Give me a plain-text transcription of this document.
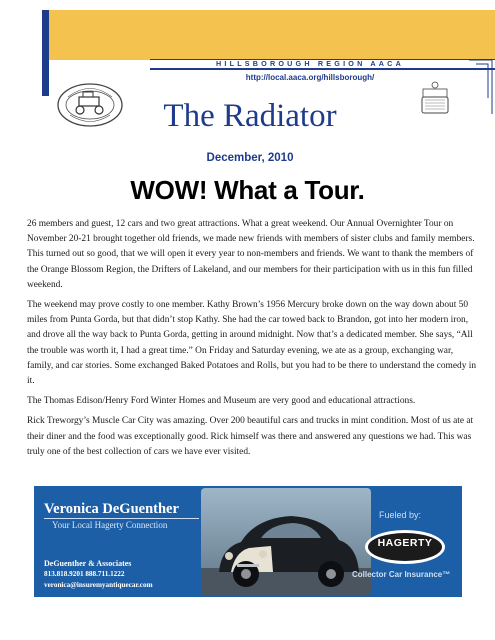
HILLSBOROUGH REGION AACA
http://local.aaca.org/hillsborough/
The Radiator
December, 2010
WOW! What a Tour.

26 members and guest, 12 cars and two great attractions. What a great weekend. Our Annual Overnighter Tour on November 20-21 brought together old friends, we made new friends with members of sister clubs and family members. This turned out so good, that we will open it every year to non-members and friends. We want to thank the members of the Orange Blossom Region, the Drifters of Lakeland, and our members for their participation with us in this fun filled weekend.

The weekend may prove costly to one member. Kathy Brown’s 1956 Mercury broke down on the way down about 50 miles from Punta Gorda, but that didn’t stop Kathy. She had the car towed back to Brandon, got into her modern iron, and drove all the way back to Punta Gorda, getting in around midnight. Now that’s a dedicated member. She says, “All the trouble was worth it, I had a great time.” On Friday and Saturday evening, we ate as a group, exchanging war, family, and car stories. Some exchanged Baked Potatoes and Rolls, but you had to be there to understand the comedy in it.

The Thomas Edison/Henry Ford Winter Homes and Museum are very good and educational attractions.

Rick Treworgy’s Muscle Car City was amazing. Over 200 beautiful cars and trucks in mint condition. Most of us ate at their diner and the food was exceptionally good. Rick himself was there and answered any questions we had. This was truly one of the best collection of cars we have ever visited.

Veronica DeGuenther
Your Local Hagerty Connection
DeGuenther & Associates
813.818.9201 888.711.1222
veronica@insuremyantiquecar.com
Fueled by:
HAGERTY
Collector Car Insurance™
